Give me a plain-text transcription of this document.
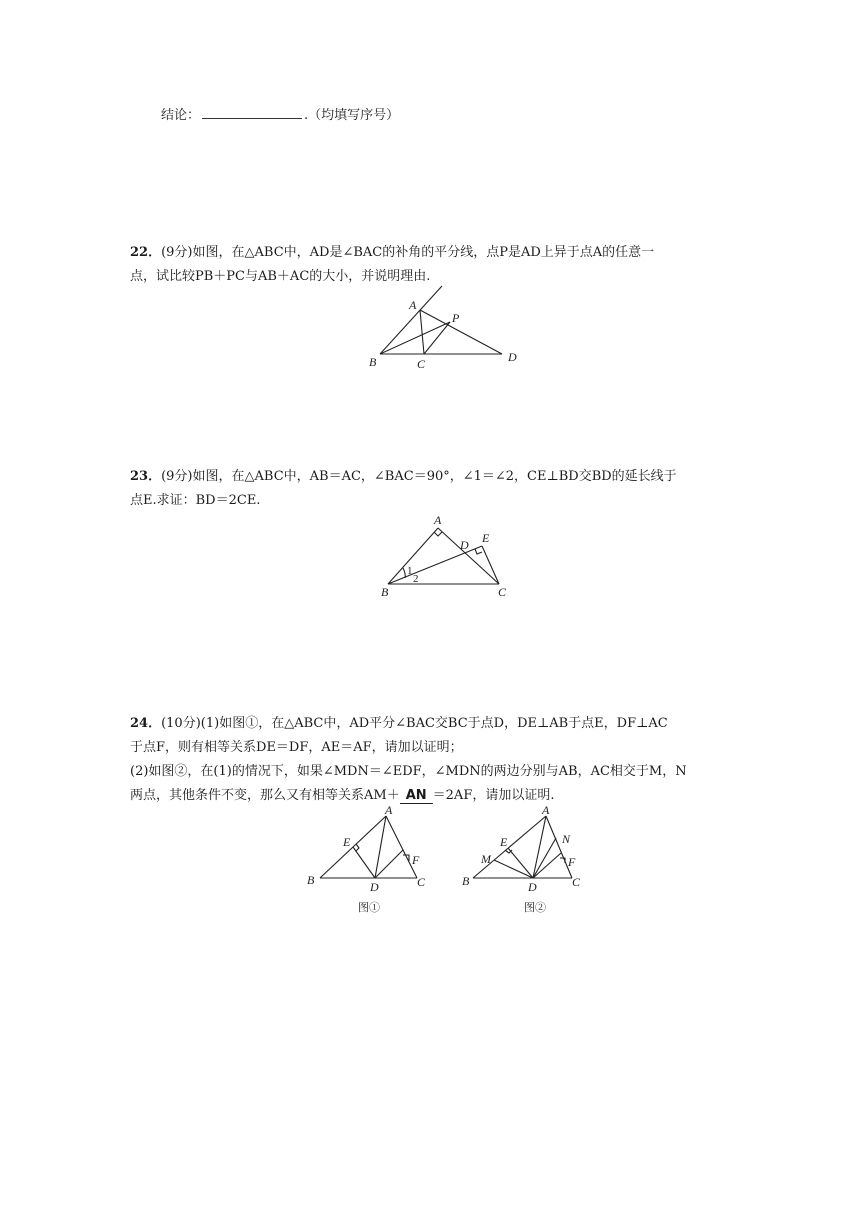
结论：	.（均填写序号）
22．(9分)如图，在△ABC中，AD是∠BAC的补角的平分线，点P是AD上异于点A的任意一
点，试比较PB＋PC与AB＋AC的大小，并说明理由.
A
P
B	C	D
23．(9分)如图，在△ABC中，AB＝AC，∠BAC＝90°，∠1＝∠2，CE⊥BD交BD的延长线于
点E.求证：BD＝2CE.
A
D E
B	C
1
2
24．(10分)(1)如图①，在△ABC中，AD平分∠BAC交BC于点D，DE⊥AB于点E，DF⊥AC
于点F，则有相等关系DE＝DF，AE＝AF，请加以证明；
(2)如图②，在(1)的情况下，如果∠MDN＝∠EDF，∠MDN的两边分别与AB，AC相交于M，N
两点，其他条件不变，那么又有相等关系AM＋ AN ＝2AF，请加以证明.
A
E
F
B	D	C
图①
A
E	N
M	F
B	D	C
图②
